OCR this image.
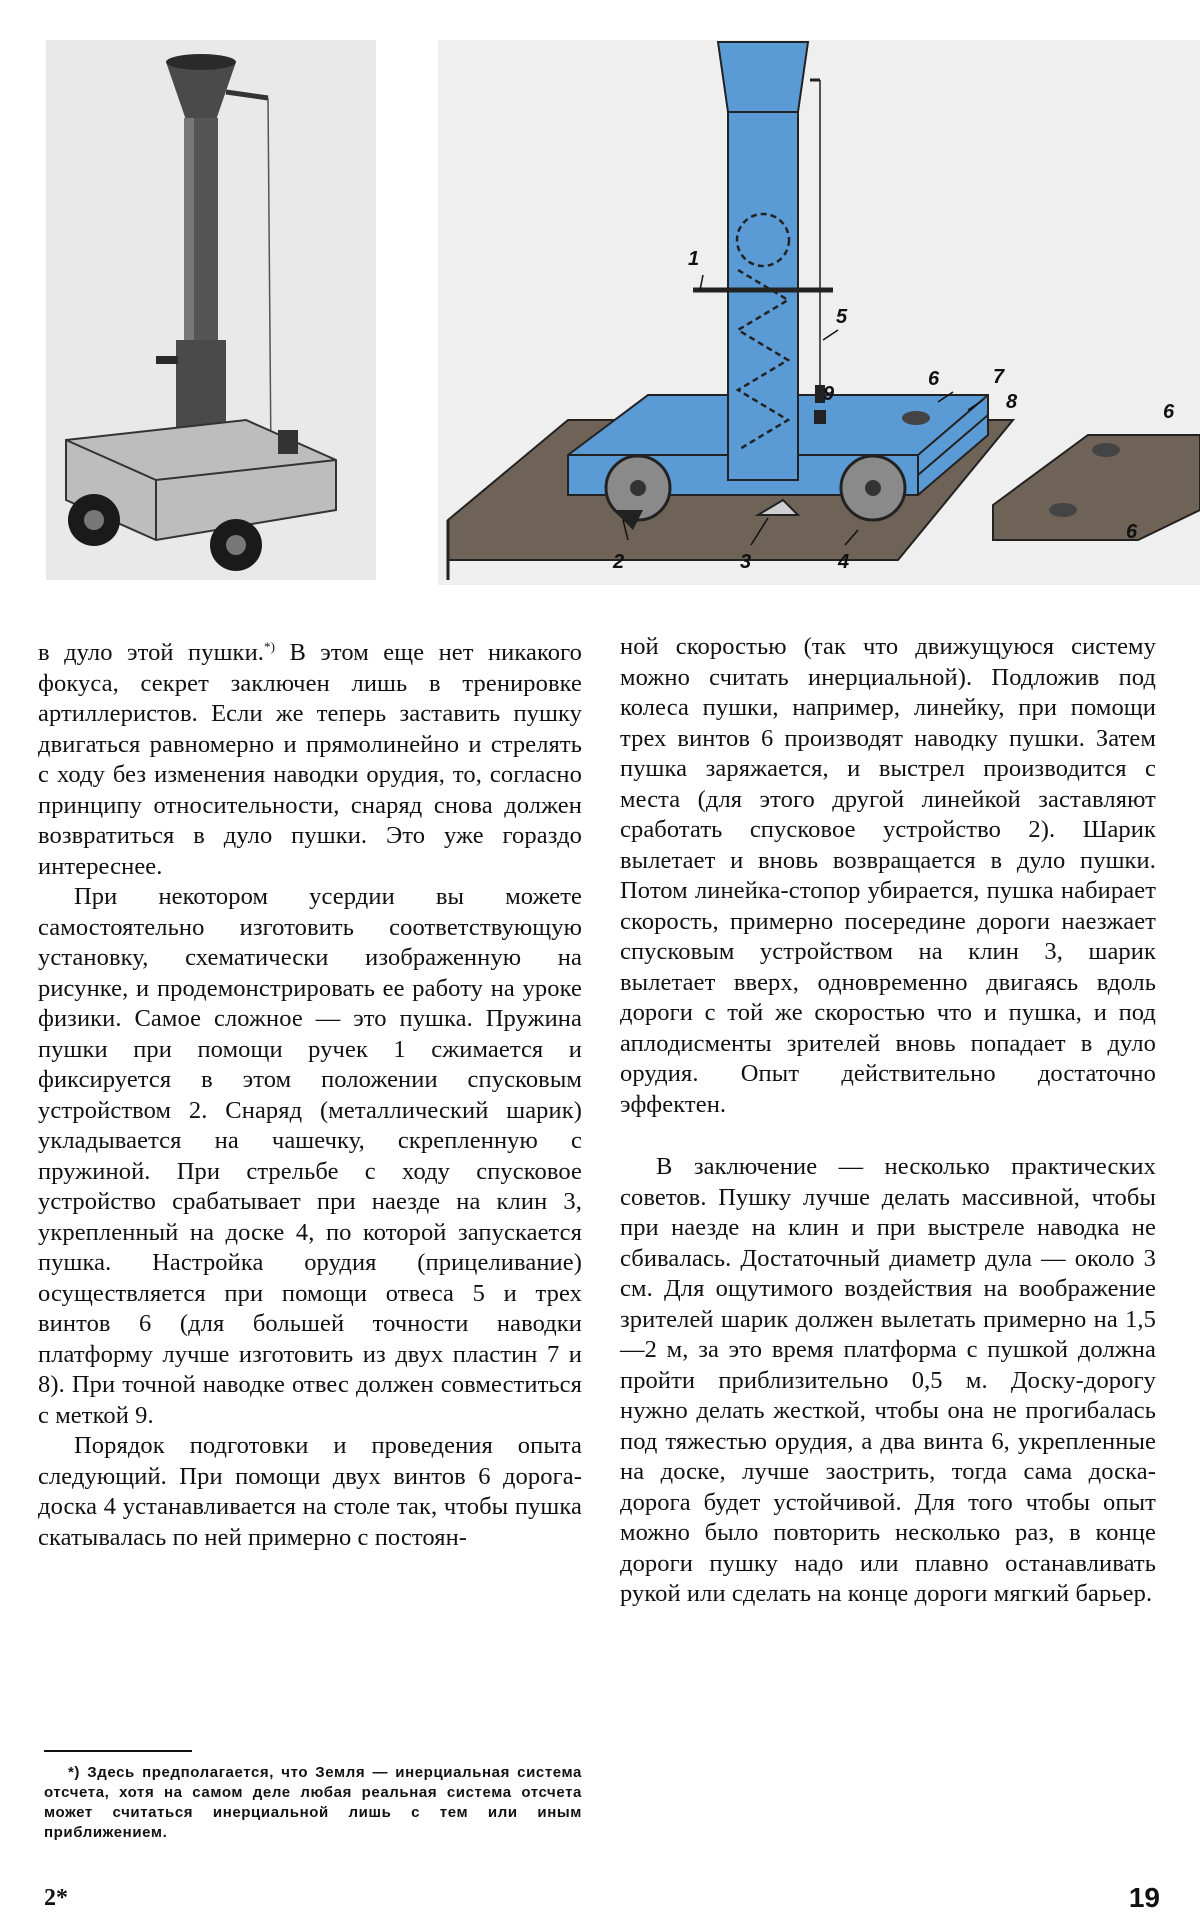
1
5
9
6	7
8	6
6
2	3	4

в дуло этой пушки.*) В этом еще нет никакого фокуса, секрет заключен лишь в тренировке артиллеристов. Если же теперь заставить пушку двигаться равномерно и прямолинейно и стрелять с ходу без изменения наводки орудия, то, согласно принципу относительности, снаряд снова должен возвратиться в дуло пушки. Это уже гораздо интереснее.

При некотором усердии вы можете самостоятельно изготовить соответствующую установку, схематически изображенную на рисунке, и продемонстрировать ее работу на уроке физики. Самое сложное — это пушка. Пружина пушки при помощи ручек 1 сжимается и фиксируется в этом положении спусковым устройством 2. Снаряд (металлический шарик) укладывается на чашечку, скрепленную с пружиной. При стрельбе с ходу спусковое устройство срабатывает при наезде на клин 3, укрепленный на доске 4, по которой запускается пушка. Настройка орудия (прицеливание) осуществляется при помощи отвеса 5 и трех винтов 6 (для большей точности наводки платформу лучше изготовить из двух пластин 7 и 8). При точной наводке отвес должен совместиться с меткой 9.

Порядок подготовки и проведения опыта следующий. При помощи двух винтов 6 дорога-доска 4 устанавливается на столе так, чтобы пушка скатывалась по ней примерно с постоян-

ной скоростью (так что движущуюся систему можно считать инерциальной). Подложив под колеса пушки, например, линейку, при помощи трех винтов 6 производят наводку пушки. Затем пушка заряжается, и выстрел производится с места (для этого другой линейкой заставляют сработать спусковое устройство 2). Шарик вылетает и вновь возвращается в дуло пушки. Потом линейка-стопор убирается, пушка набирает скорость, примерно посередине дороги наезжает спусковым устройством на клин 3, шарик вылетает вверх, одновременно двигаясь вдоль дороги с той же скоростью что и пушка, и под аплодисменты зрителей вновь попадает в дуло орудия. Опыт действительно достаточно эффектен.

В заключение — несколько практических советов. Пушку лучше делать массивной, чтобы при наезде на клин и при выстреле наводка не сбивалась. Достаточный диаметр дула — около 3 см. Для ощутимого воздействия на воображение зрителей шарик должен вылетать примерно на 1,5—2 м, за это время платформа с пушкой должна пройти приблизительно 0,5 м. Доску-дорогу нужно делать жесткой, чтобы она не прогибалась под тяжестью орудия, а два винта 6, укрепленные на доске, лучше заострить, тогда сама доска-дорога будет устойчивой. Для того чтобы опыт можно было повторить несколько раз, в конце дороги пушку надо или плавно останавливать рукой или сделать на конце дороги мягкий барьер.

*) Здесь предполагается, что Земля — инерциальная система отсчета, хотя на самом деле любая реальная система отсчета может считаться инерциальной лишь с тем или иным приближением.
2*	19
